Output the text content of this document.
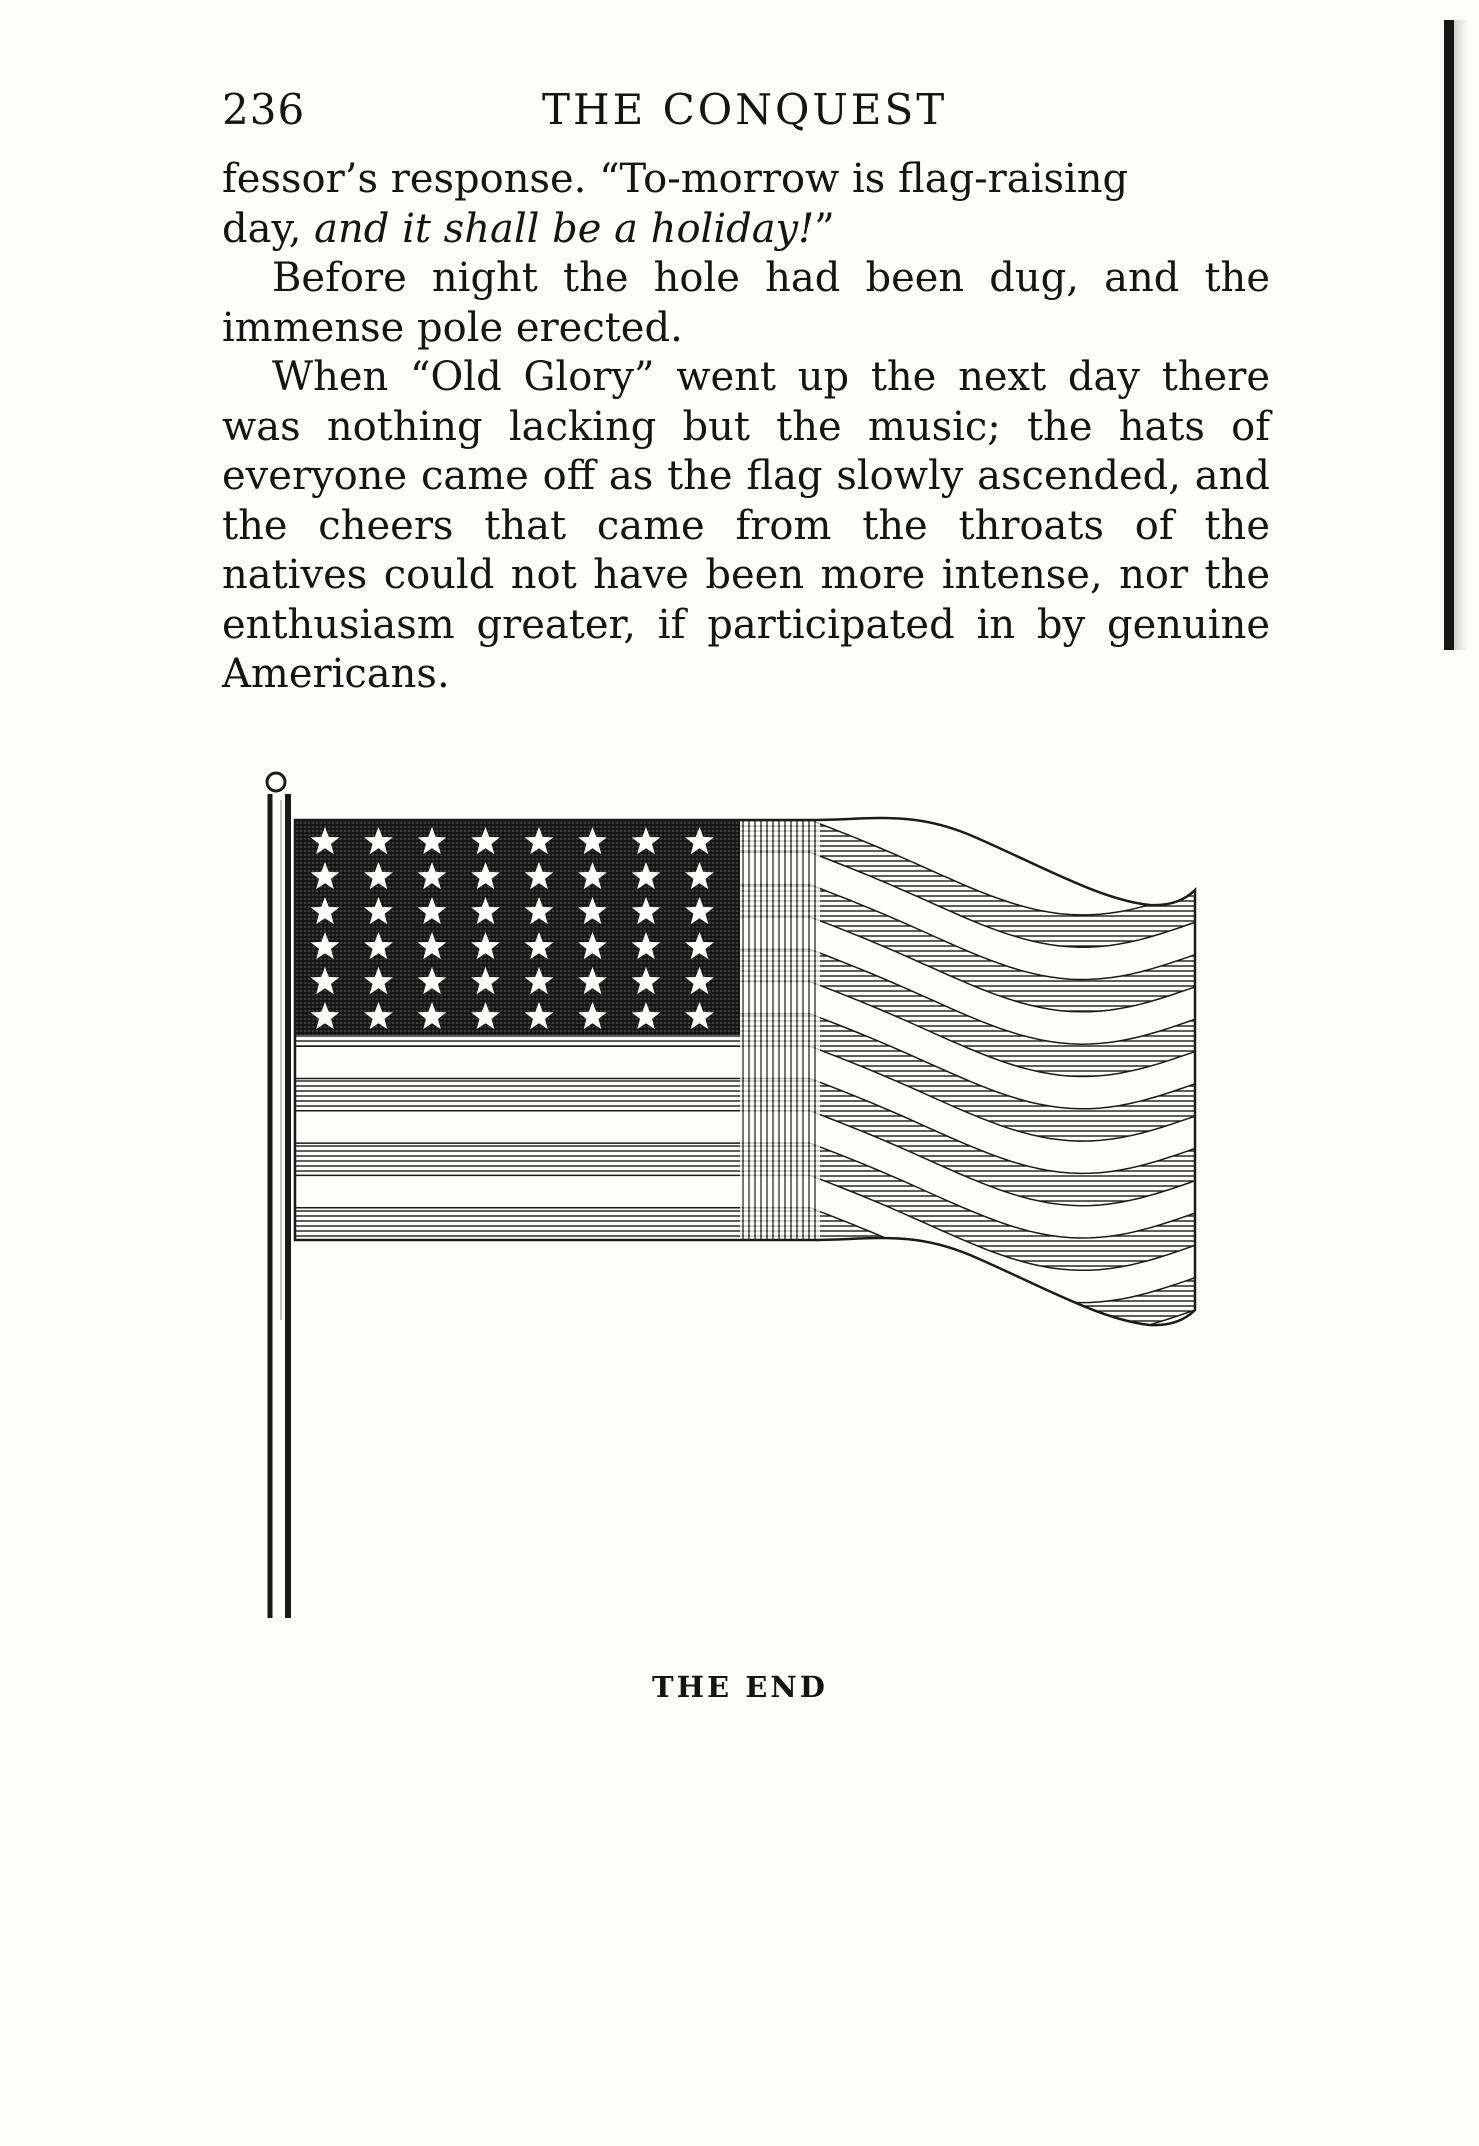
236	THE CONQUEST

fessor’s response. “To-morrow is flag-raising
day, and it shall be a holiday!”

Before night the hole had been dug, and the immense pole erected.

When “Old Glory” went up the next day there was nothing lacking but the music; the hats of everyone came off as the flag slowly ascended, and the cheers that came from the throats of the natives could not have been more intense, nor the enthusiasm greater, if participated in by genuine Americans.

THE END
